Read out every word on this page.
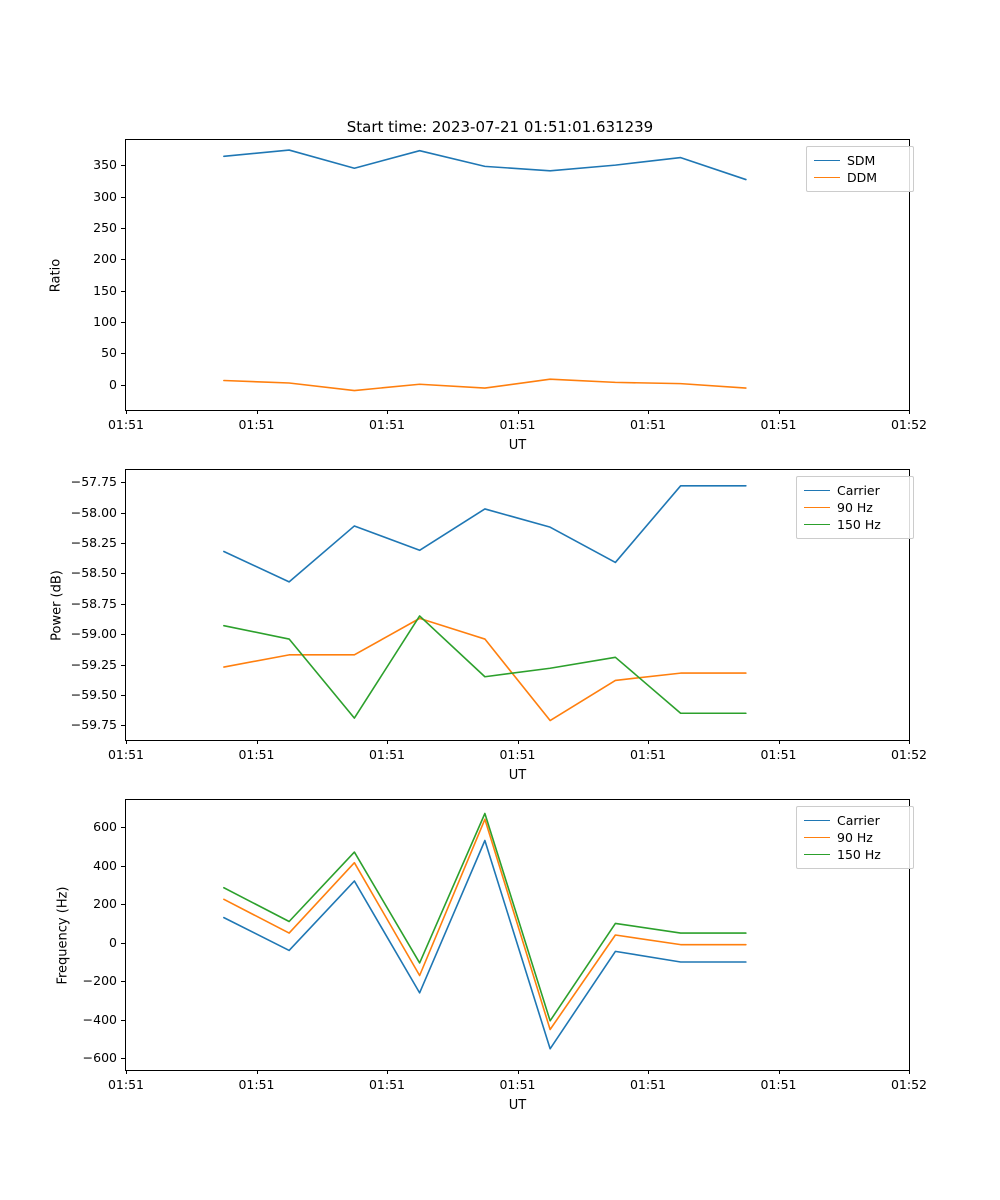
Start time: 2023-07-21 01:51:01.631239
Ratio
UT
0
50
100
150
200
250
300
350
01:51	01:51	01:51	01:51	01:51	01:51	01:52
SDM
DDM
Power (dB)
UT
−59.75
−59.50
−59.25
−59.00
−58.75
−58.50
−58.25
−58.00
−57.75
01:51	01:51	01:51	01:51	01:51	01:51	01:52
Carrier
90 Hz
150 Hz
Frequency (Hz)
UT
−600
−400
−200
0
200
400
600
01:51	01:51	01:51	01:51	01:51	01:51	01:52
Carrier
90 Hz
150 Hz
